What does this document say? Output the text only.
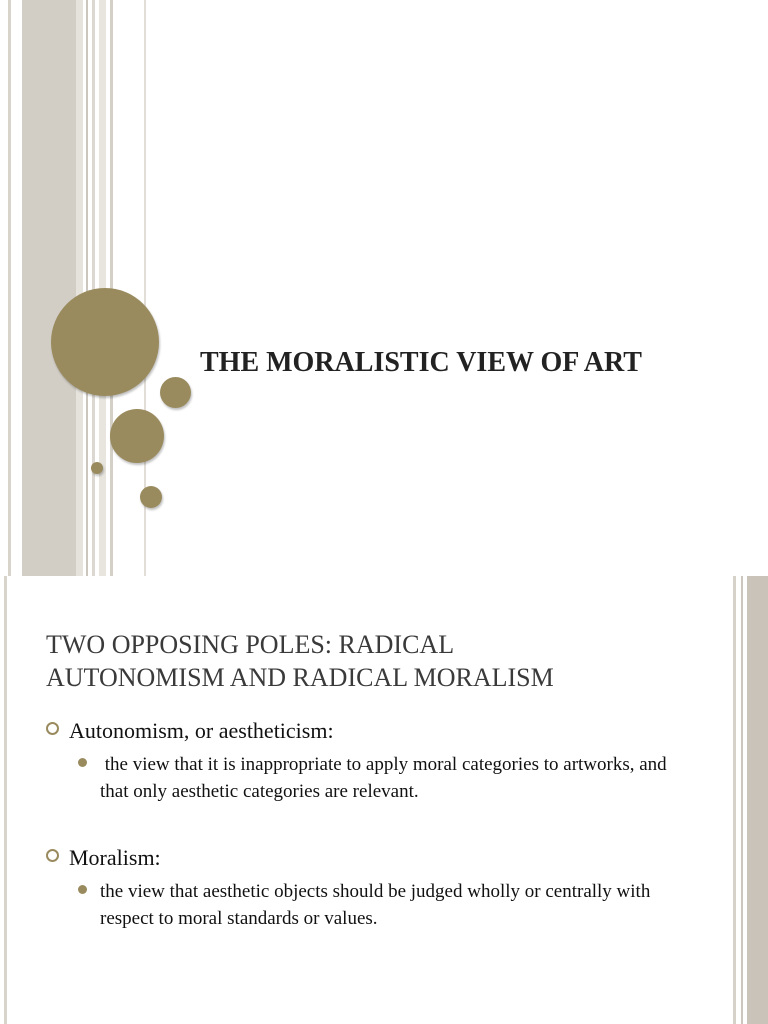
THE MORALISTIC VIEW OF ART
TWO OPPOSING POLES: RADICAL
AUTONOMISM AND RADICAL MORALISM
Autonomism, or aestheticism:
the view that it is inappropriate to apply moral categories to artworks, and that only aesthetic categories are relevant.
Moralism:
the view that aesthetic objects should be judged wholly or centrally with respect to moral standards or values.
